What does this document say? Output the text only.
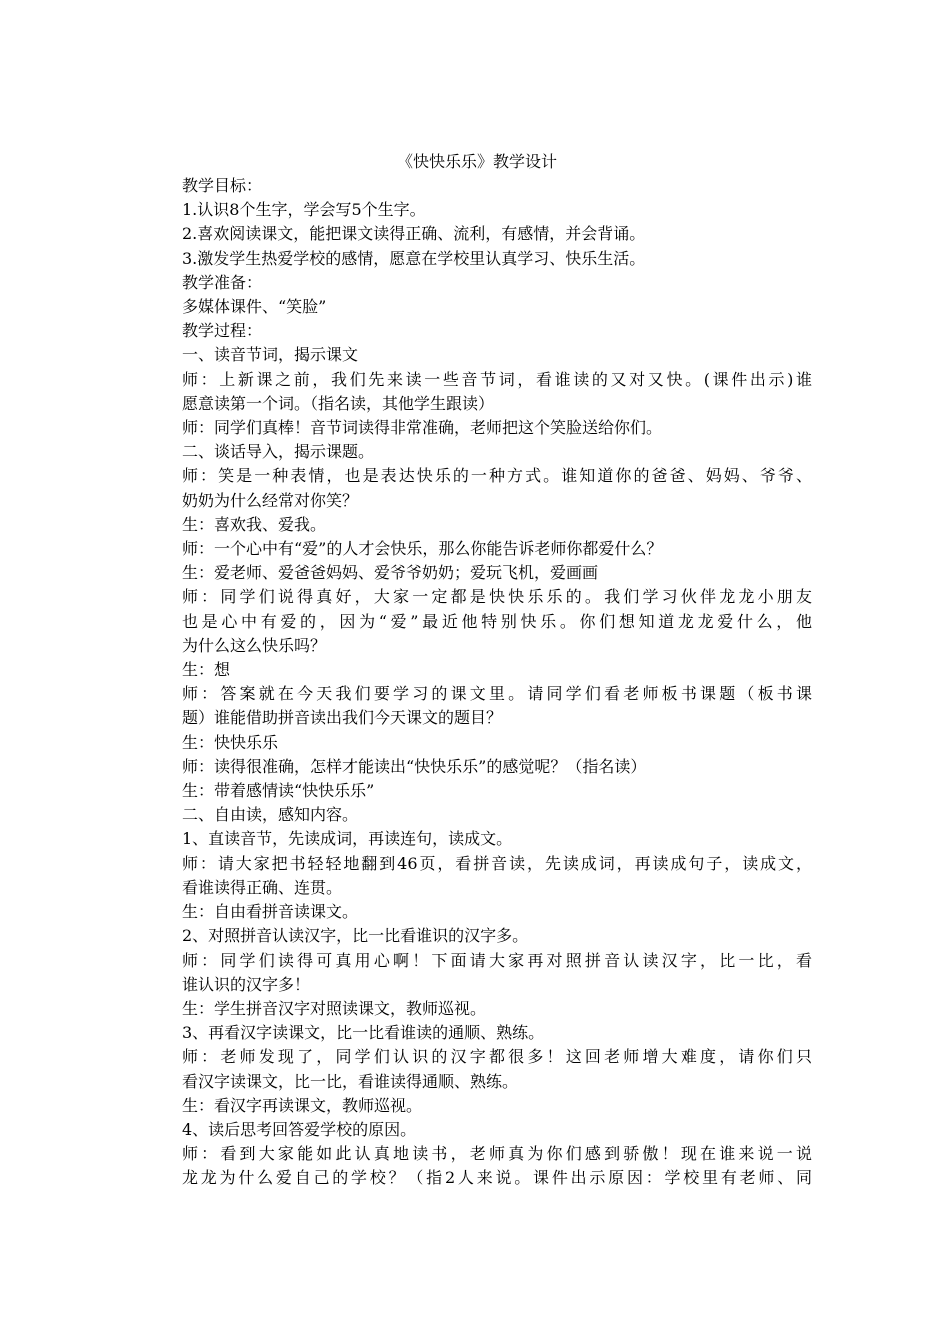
《快快乐乐》教学设计
教学目标：
1.认识8个生字，学会写5个生字。
2.喜欢阅读课文，能把课文读得正确、流利，有感情，并会背诵。
3.激发学生热爱学校的感情，愿意在学校里认真学习、快乐生活。
教学准备：
多媒体课件、“笑脸”
教学过程：
一、读音节词，揭示课文
师：上新课之前，我们先来读一些音节词，看谁读的又对又快。(课件出示)谁
愿意读第一个词。（指名读，其他学生跟读）
师：同学们真棒！音节词读得非常准确，老师把这个笑脸送给你们。
二、谈话导入，揭示课题。
师：笑是一种表情，也是表达快乐的一种方式。谁知道你的爸爸、妈妈、爷爷、
奶奶为什么经常对你笑？
生：喜欢我、爱我。
师：一个心中有“爱”的人才会快乐，那么你能告诉老师你都爱什么？
生：爱老师、爱爸爸妈妈、爱爷爷奶奶；爱玩飞机，爱画画
师：同学们说得真好，大家一定都是快快乐乐的。我们学习伙伴龙龙小朋友
也是心中有爱的，因为“爱”最近他特别快乐。你们想知道龙龙爱什么，他
为什么这么快乐吗？
生：想
师：答案就在今天我们要学习的课文里。请同学们看老师板书课题（板书课
题）谁能借助拼音读出我们今天课文的题目？
生：快快乐乐
师：读得很准确，怎样才能读出“快快乐乐”的感觉呢？（指名读）
生：带着感情读“快快乐乐”
二、自由读，感知内容。
1、直读音节，先读成词，再读连句，读成文。
师：请大家把书轻轻地翻到46页，看拼音读，先读成词，再读成句子，读成文，
看谁读得正确、连贯。
生：自由看拼音读课文。
2、对照拼音认读汉字，比一比看谁识的汉字多。
师：同学们读得可真用心啊！下面请大家再对照拼音认读汉字，比一比，看
谁认识的汉字多！
生：学生拼音汉字对照读课文，教师巡视。
3、再看汉字读课文，比一比看谁读的通顺、熟练。
师：老师发现了，同学们认识的汉字都很多！这回老师增大难度，请你们只
看汉字读课文，比一比，看谁读得通顺、熟练。
生：看汉字再读课文，教师巡视。
4、读后思考回答爱学校的原因。
师：看到大家能如此认真地读书，老师真为你们感到骄傲！现在谁来说一说
龙龙为什么爱自己的学校？（指2人来说。课件出示原因：学校里有老师、同
